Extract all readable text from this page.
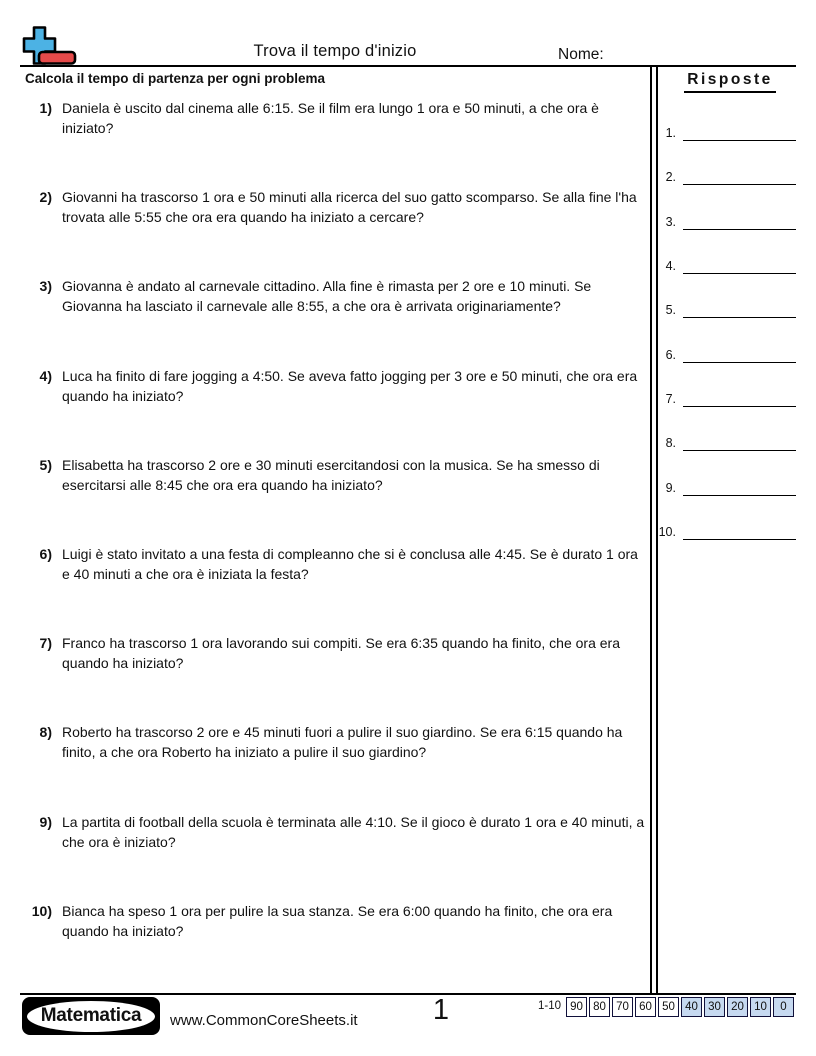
Trova il tempo d'inizio	Nome:
Calcola il tempo di partenza per ogni problema	Risposte
1) Daniela è uscito dal cinema alle 6:15. Se il film era lungo 1 ora e 50 minuti, a che ora è iniziato?
2) Giovanni ha trascorso 1 ora e 50 minuti alla ricerca del suo gatto scomparso. Se alla fine l'ha trovata alle 5:55 che ora era quando ha iniziato a cercare?
3) Giovanna è andato al carnevale cittadino. Alla fine è rimasta per 2 ore e 10 minuti. Se Giovanna ha lasciato il carnevale alle 8:55, a che ora è arrivata originariamente?
4) Luca ha finito di fare jogging a 4:50. Se aveva fatto jogging per 3 ore e 50 minuti, che ora era quando ha iniziato?
5) Elisabetta ha trascorso 2 ore e 30 minuti esercitandosi con la musica. Se ha smesso di esercitarsi alle 8:45 che ora era quando ha iniziato?
6) Luigi è stato invitato a una festa di compleanno che si è conclusa alle 4:45. Se è durato 1 ora e 40 minuti a che ora è iniziata la festa?
7) Franco ha trascorso 1 ora lavorando sui compiti. Se era 6:35 quando ha finito, che ora era quando ha iniziato?
8) Roberto ha trascorso 2 ore e 45 minuti fuori a pulire il suo giardino. Se era 6:15 quando ha finito, a che ora Roberto ha iniziato a pulire il suo giardino?
9) La partita di football della scuola è terminata alle 4:10. Se il gioco è durato 1 ora e 40 minuti, a che ora è iniziato?
10) Bianca ha speso 1 ora per pulire la sua stanza. Se era 6:00 quando ha finito, che ora era quando ha iniziato?
1.
2.
3.
4.
5.
6.
7.
8.
9.
10.
Matematica	www.CommonCoreSheets.it	1	1-10 90 80 70 60 50 40 30 20 10	0
